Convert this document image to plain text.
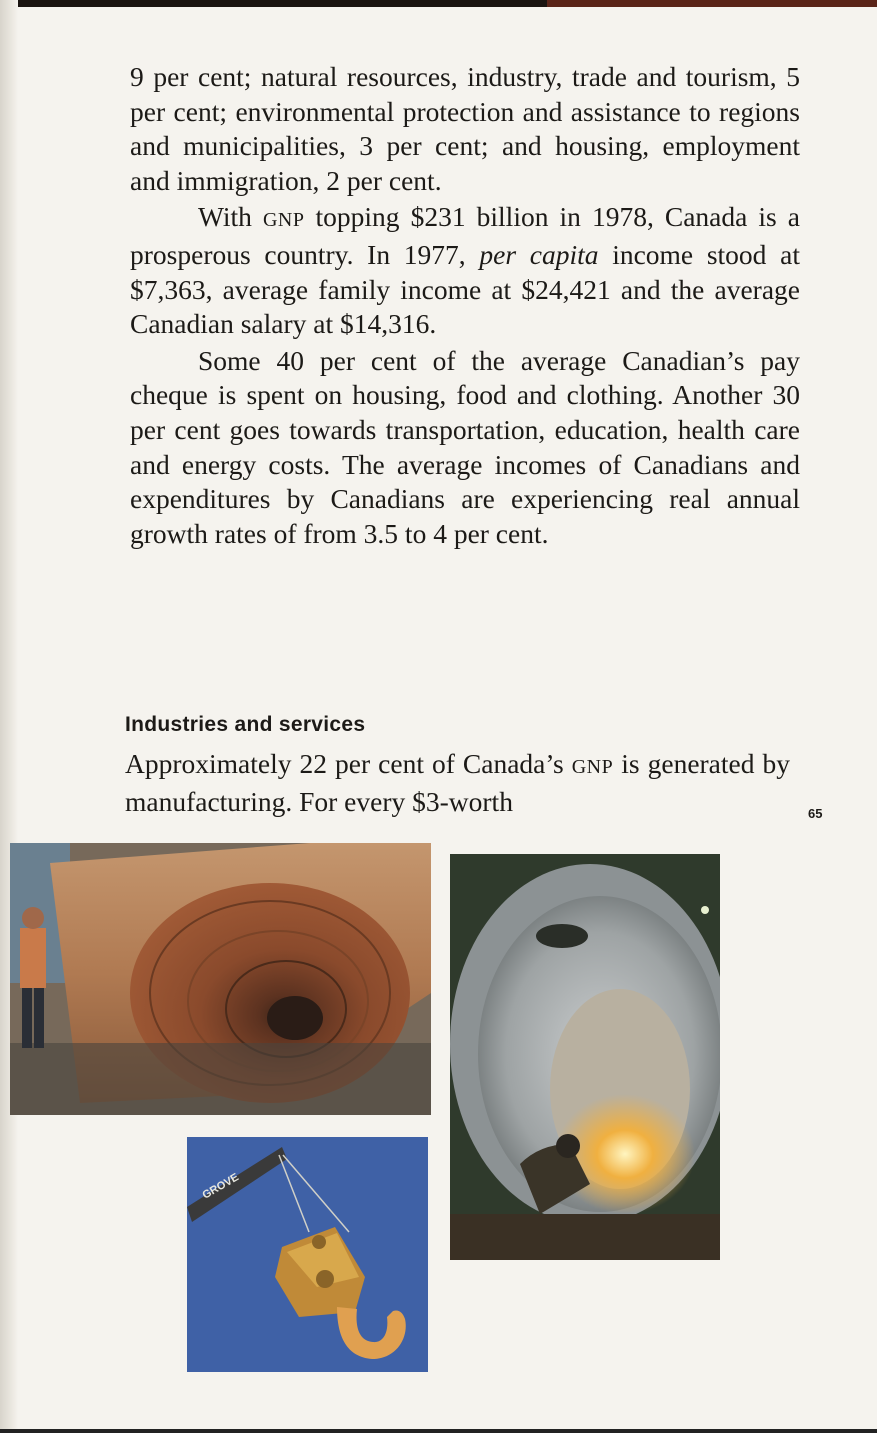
9 per cent; natural resources, industry, trade and tourism, 5 per cent; environmental protection and assistance to regions and municipalities, 3 per cent; and housing, employment and immigration, 2 per cent.

With GNP topping $231 billion in 1978, Canada is a prosperous country. In 1977, per capita income stood at $7,363, average family income at $24,421 and the average Canadian salary at $14,316.

Some 40 per cent of the average Canadian’s pay cheque is spent on housing, food and clothing. Another 30 per cent goes towards transportation, education, health care and energy costs. The average incomes of Canadians and expenditures by Canadians are experiencing real annual growth rates of from 3.5 to 4 per cent.

Industries and services

Approximately 22 per cent of Canada’s GNP is generated by manufacturing. For every $3-worth	65
GROVE
